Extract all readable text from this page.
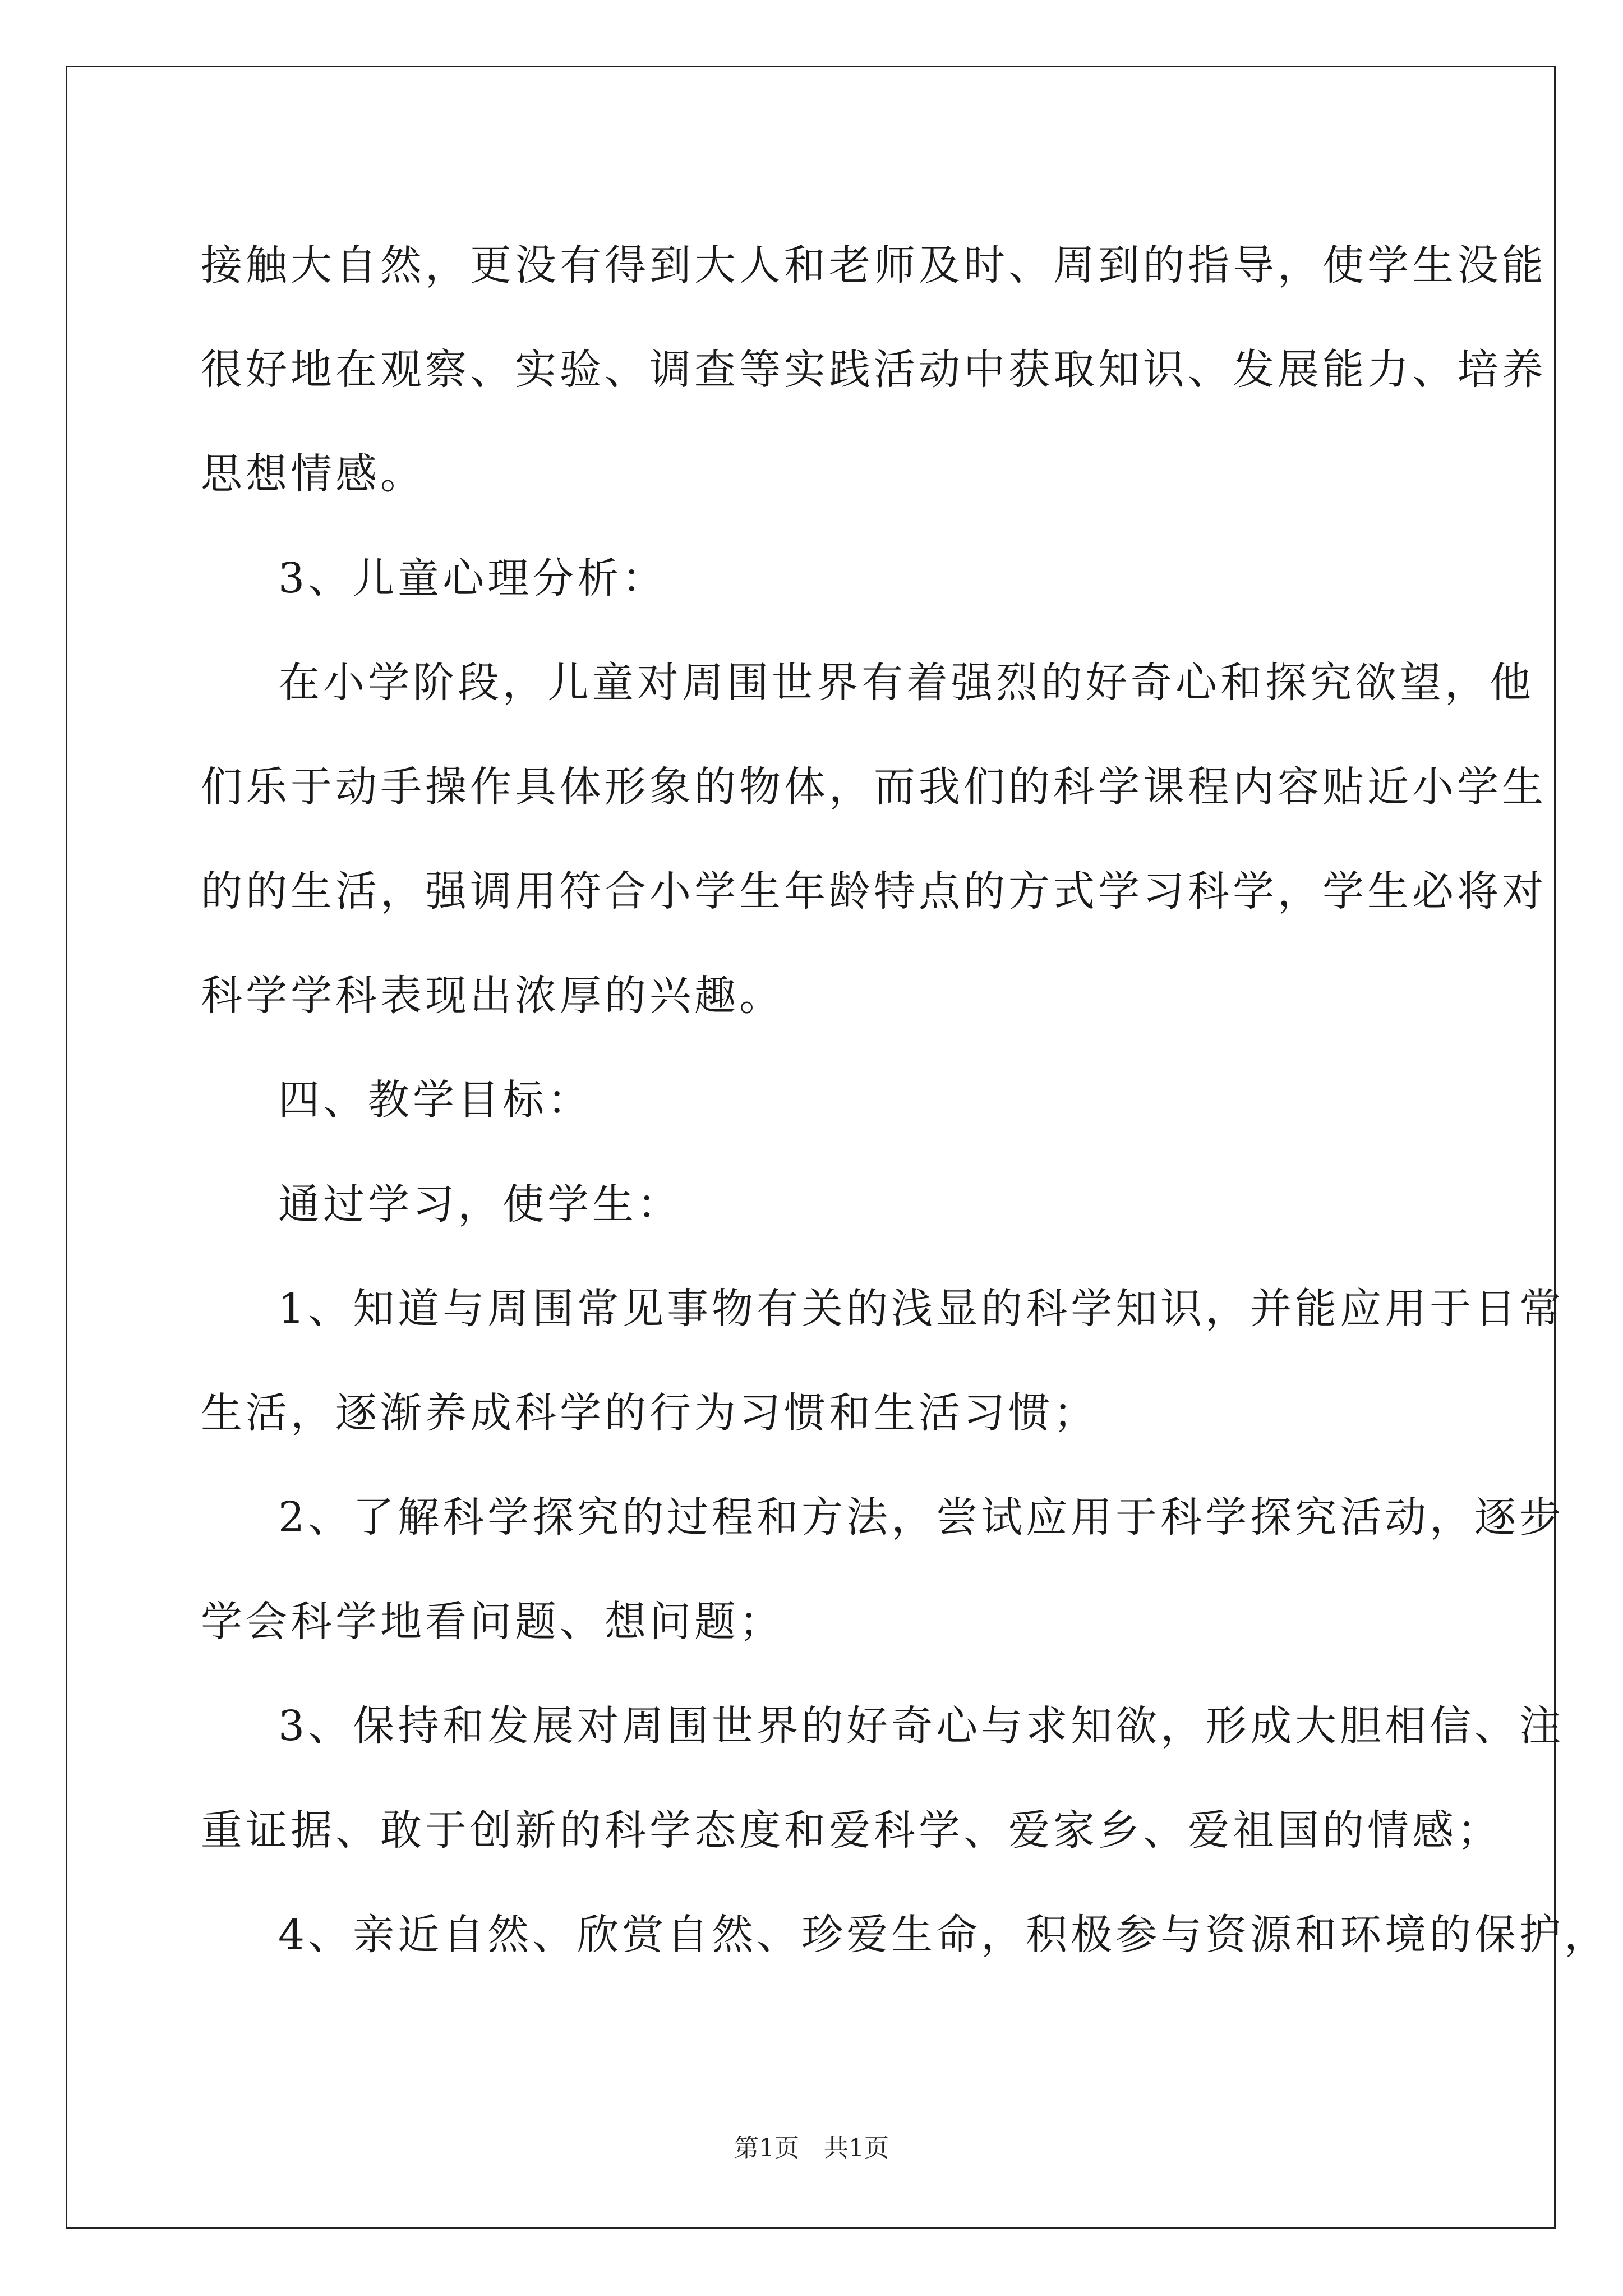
接触大自然，更没有得到大人和老师及时、周到的指导，使学生没能
很好地在观察、实验、调查等实践活动中获取知识、发展能力、培养
思想情感。
3、儿童心理分析：
在小学阶段，儿童对周围世界有着强烈的好奇心和探究欲望，他
们乐于动手操作具体形象的物体，而我们的科学课程内容贴近小学生
的的生活，强调用符合小学生年龄特点的方式学习科学，学生必将对
科学学科表现出浓厚的兴趣。
四、教学目标：
通过学习，使学生：
1、知道与周围常见事物有关的浅显的科学知识，并能应用于日常
生活，逐渐养成科学的行为习惯和生活习惯；
2、了解科学探究的过程和方法，尝试应用于科学探究活动，逐步
学会科学地看问题、想问题；
3、保持和发展对周围世界的好奇心与求知欲，形成大胆相信、注
重证据、敢于创新的科学态度和爱科学、爱家乡、爱祖国的情感；
4、亲近自然、欣赏自然、珍爱生命，积极参与资源和环境的保护，
第1页　共1页
